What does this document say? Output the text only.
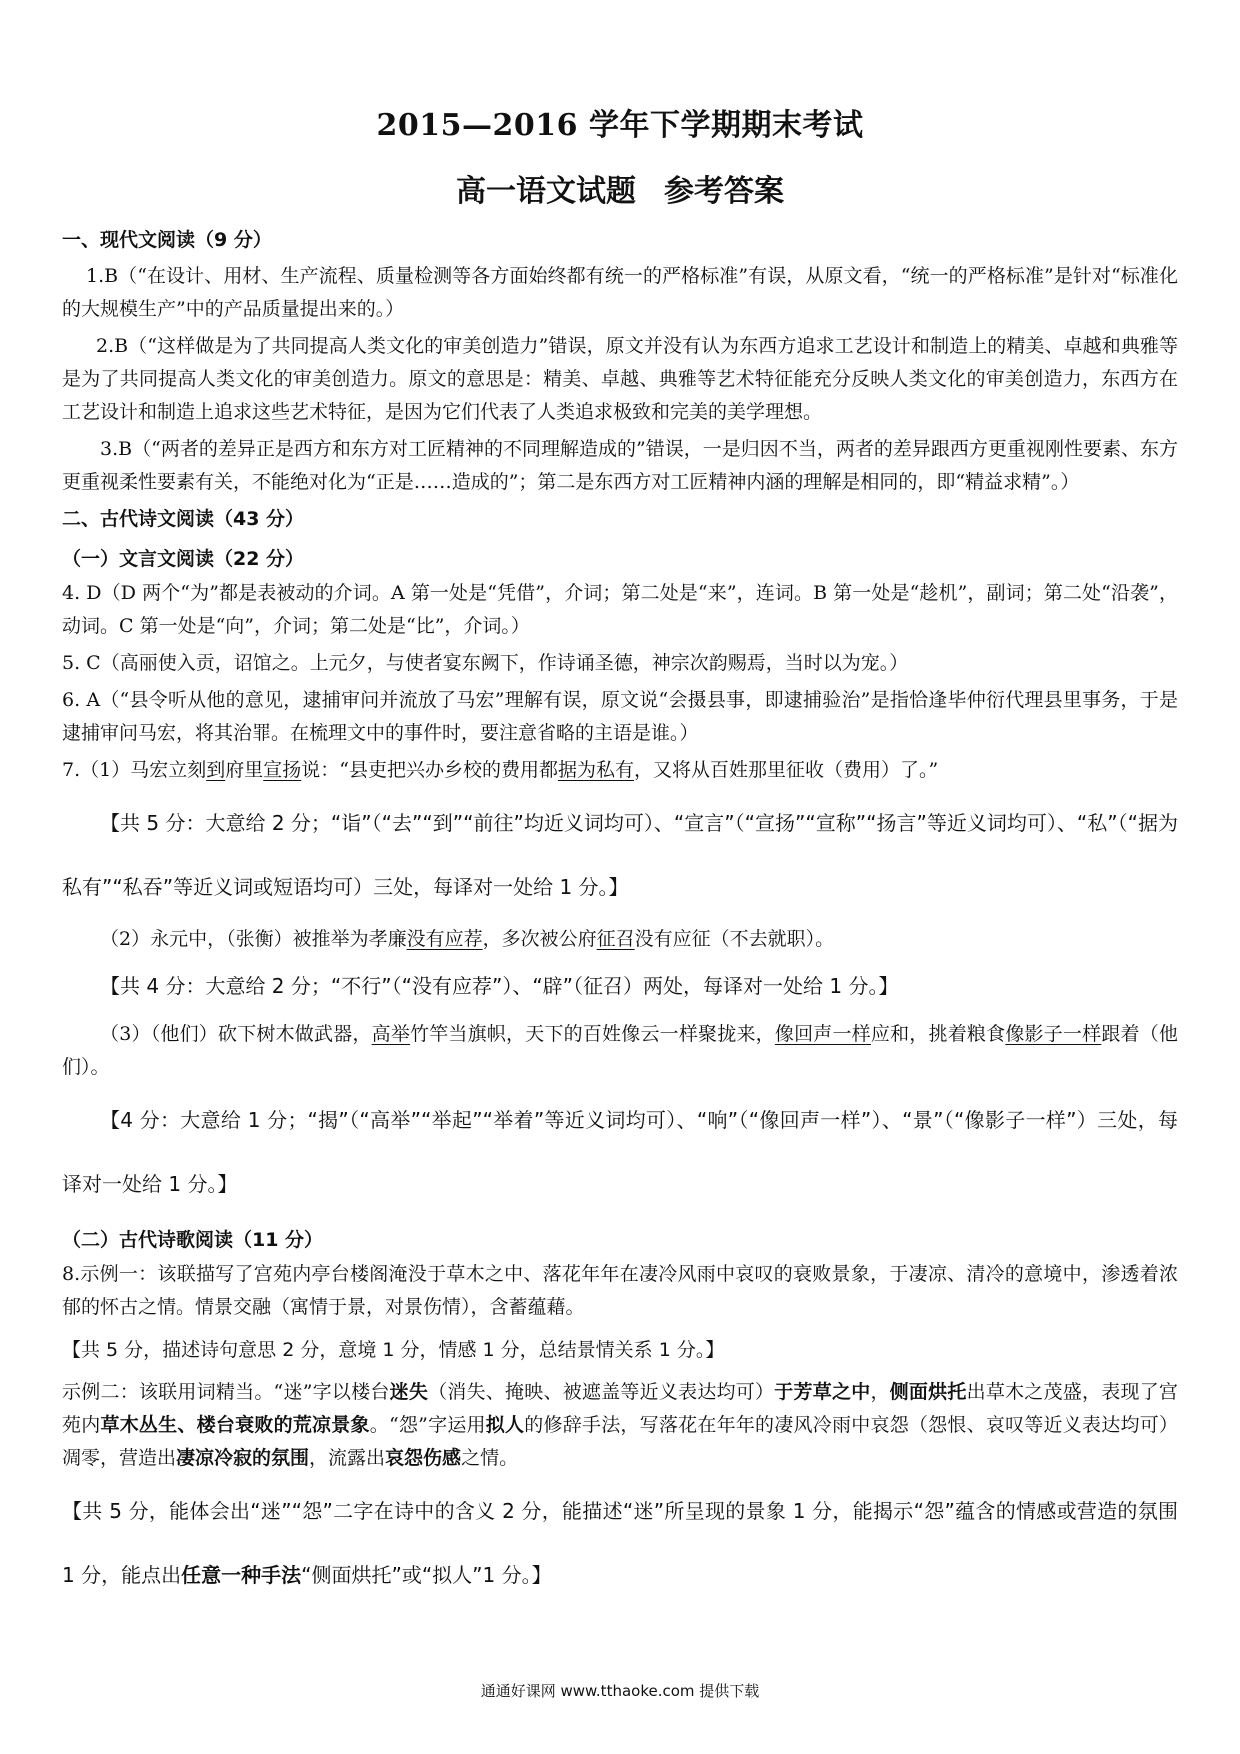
2015—2016 学年下学期期末考试
高一语文试题 参考答案
一、现代文阅读（9 分）

1.B（“在设计、用材、生产流程、质量检测等各方面始终都有统一的严格标准”有误，从原文看，“统一的严格标准”是针对“标准化的大规模生产”中的产品质量提出来的。）

2.B（“这样做是为了共同提高人类文化的审美创造力”错误，原文并没有认为东西方追求工艺设计和制造上的精美、卓越和典雅等是为了共同提高人类文化的审美创造力。原文的意思是：精美、卓越、典雅等艺术特征能充分反映人类文化的审美创造力，东西方在工艺设计和制造上追求这些艺术特征，是因为它们代表了人类追求极致和完美的美学理想。

3.B（“两者的差异正是西方和东方对工匠精神的不同理解造成的”错误，一是归因不当，两者的差异跟西方更重视刚性要素、东方更重视柔性要素有关，不能绝对化为“正是……造成的”；第二是东西方对工匠精神内涵的理解是相同的，即“精益求精”。）

二、古代诗文阅读（43 分）
（一）文言文阅读（22 分）

4. D（D 两个“为”都是表被动的介词。A 第一处是“凭借”，介词；第二处是“来”，连词。B 第一处是“趁机”，副词；第二处“沿袭”，动词。C 第一处是“向”，介词；第二处是“比”，介词。）

5. C（高丽使入贡，诏馆之。上元夕，与使者宴东阙下，作诗诵圣德，神宗次韵赐焉，当时以为宠。）

6. A（“县令听从他的意见，逮捕审问并流放了马宏”理解有误，原文说“会摄县事，即逮捕验治”是指恰逢毕仲衍代理县里事务，于是逮捕审问马宏，将其治罪。在梳理文中的事件时，要注意省略的主语是谁。）

7.（1）马宏立刻到府里宣扬说：“县吏把兴办乡校的费用都据为私有，又将从百姓那里征收（费用）了。”

【共 5 分：大意给 2 分；“诣”（“去”“到”“前往”均近义词均可）、“宣言”（“宣扬”“宣称”“扬言”等近义词均可）、“私”（“据为私有”“私吞”等近义词或短语均可）三处，每译对一处给 1 分。】

（2）永元中，（张衡）被推举为孝廉没有应荐，多次被公府征召没有应征（不去就职）。

【共 4 分：大意给 2 分；“不行”（“没有应荐”）、“辟”（征召）两处，每译对一处给 1 分。】

（3）（他们）砍下树木做武器，高举竹竿当旗帜，天下的百姓像云一样聚拢来，像回声一样应和，挑着粮食像影子一样跟着（他们）。

【4 分：大意给 1 分；“揭”（“高举”“举起”“举着”等近义词均可）、“响”（“像回声一样”）、“景”（“像影子一样”）三处，每译对一处给 1 分。】

（二）古代诗歌阅读（11 分）

8.示例一：该联描写了宫苑内亭台楼阁淹没于草木之中、落花年年在凄冷风雨中哀叹的衰败景象，于凄凉、清冷的意境中，渗透着浓郁的怀古之情。情景交融（寓情于景，对景伤情），含蓄蕴藉。

【共 5 分，描述诗句意思 2 分，意境 1 分，情感 1 分，总结景情关系 1 分。】

示例二：该联用词精当。“迷”字以楼台迷失（消失、掩映、被遮盖等近义表达均可）于芳草之中，侧面烘托出草木之茂盛，表现了宫苑内草木丛生、楼台衰败的荒凉景象。“怨”字运用拟人的修辞手法，写落花在年年的凄风冷雨中哀怨（怨恨、哀叹等近义表达均可）凋零，营造出凄凉冷寂的氛围，流露出哀怨伤感之情。

【共 5 分，能体会出“迷”“怨”二字在诗中的含义 2 分，能描述“迷”所呈现的景象 1 分，能揭示“怨”蕴含的情感或营造的氛围 1 分，能点出任意一种手法“侧面烘托”或“拟人”1 分。】

通通好课网 www.tthaoke.com 提供下载
